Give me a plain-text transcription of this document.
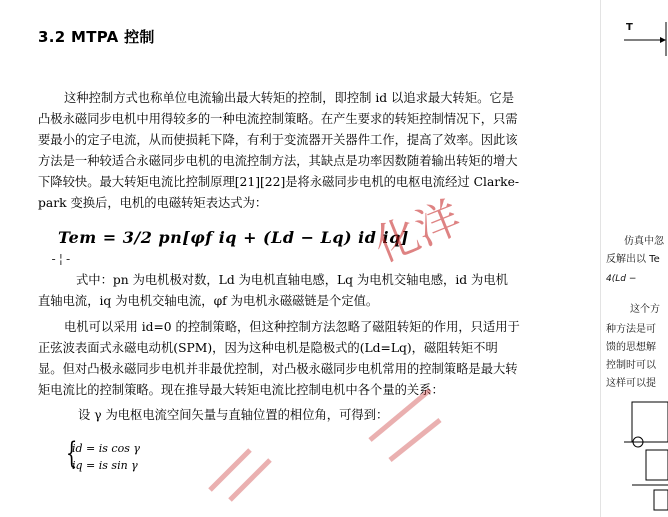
3.2 MTPA 控制
这种控制方式也称单位电流输出最大转矩的控制，即控制 id 以追求最大转矩。它是凸极永磁同步电机中用得较多的一种电流控制策略。在产生要求的转矩控制情况下，只需要最小的定子电流，从而使损耗下降，有利于变流器开关器件工作，提高了效率。因此该方法是一种较适合永磁同步电机的电流控制方法，其缺点是功率因数随着输出转矩的增大下降较快。最大转矩电流比控制原理[21][22]是将永磁同步电机的电枢电流经过 Clarke-park 变换后，电机的电磁转矩表达式为：
Tem = 3/2 pn[φf iq + (Ld − Lq) id iq]
-¦-
式中：pn 为电机极对数，Ld 为电机直轴电感，Lq 为电机交轴电感，id 为电机直轴电流，iq 为电机交轴电流，φf 为电机永磁磁链是个定值。
电机可以采用 id=0 的控制策略，但这种控制方法忽略了磁阻转矩的作用，只适用于正弦波表面式永磁电动机(SPM)，因为这种电机是隐极式的(Ld=Lq)，磁阻转矩不明显。但对凸极永磁同步电机并非最优控制，对凸极永磁同步电机常用的控制策略是最大转矩电流比的控制策略。现在推导最大转矩电流比控制电机中各个量的关系：
设 γ 为电枢电流空间矢量与直轴位置的相位角，可得到：
{
id = is cos γ
iq = is sin γ
化洋
T
仿真中忽
反解出以 Te
4(Ld −
这个方
种方法是可
馈的思想解
控制时可以
这样可以提
